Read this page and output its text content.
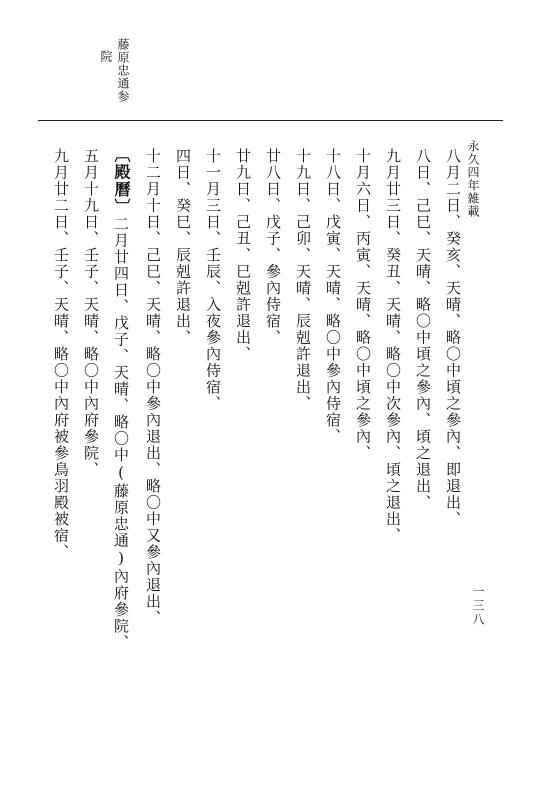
永久四年雑載
藤原忠通参
院
八月二日、癸亥、天晴、略〇中頃之參內、即退出、
八日、己巳、天晴、略〇中頃之參內、頃之退出、
九月廿三日、癸丑、天晴、略〇中次參內、頃之退出、
十月六日、丙寅、天晴、略〇中頃之參內、
十八日、戊寅、天晴、略〇中參內侍宿、
十九日、己卯、天晴、辰剋許退出、
廿八日、戊子、參內侍宿、
廿九日、己丑、巳剋許退出、
十一月三日、壬辰、入夜參內侍宿、
四日、癸巳、辰剋許退出、
十二月十日、己巳、天晴、略〇中參內退出、略〇中又參內退出、
〔殿曆〕二月廿四日、戊子、天晴、略〇中(藤原忠通)內府參院、
五月十九日、壬子、天晴、略〇中內府參院、
九月廿二日、壬子、天晴、略〇中內府被參鳥羽殿被宿、
一三八
